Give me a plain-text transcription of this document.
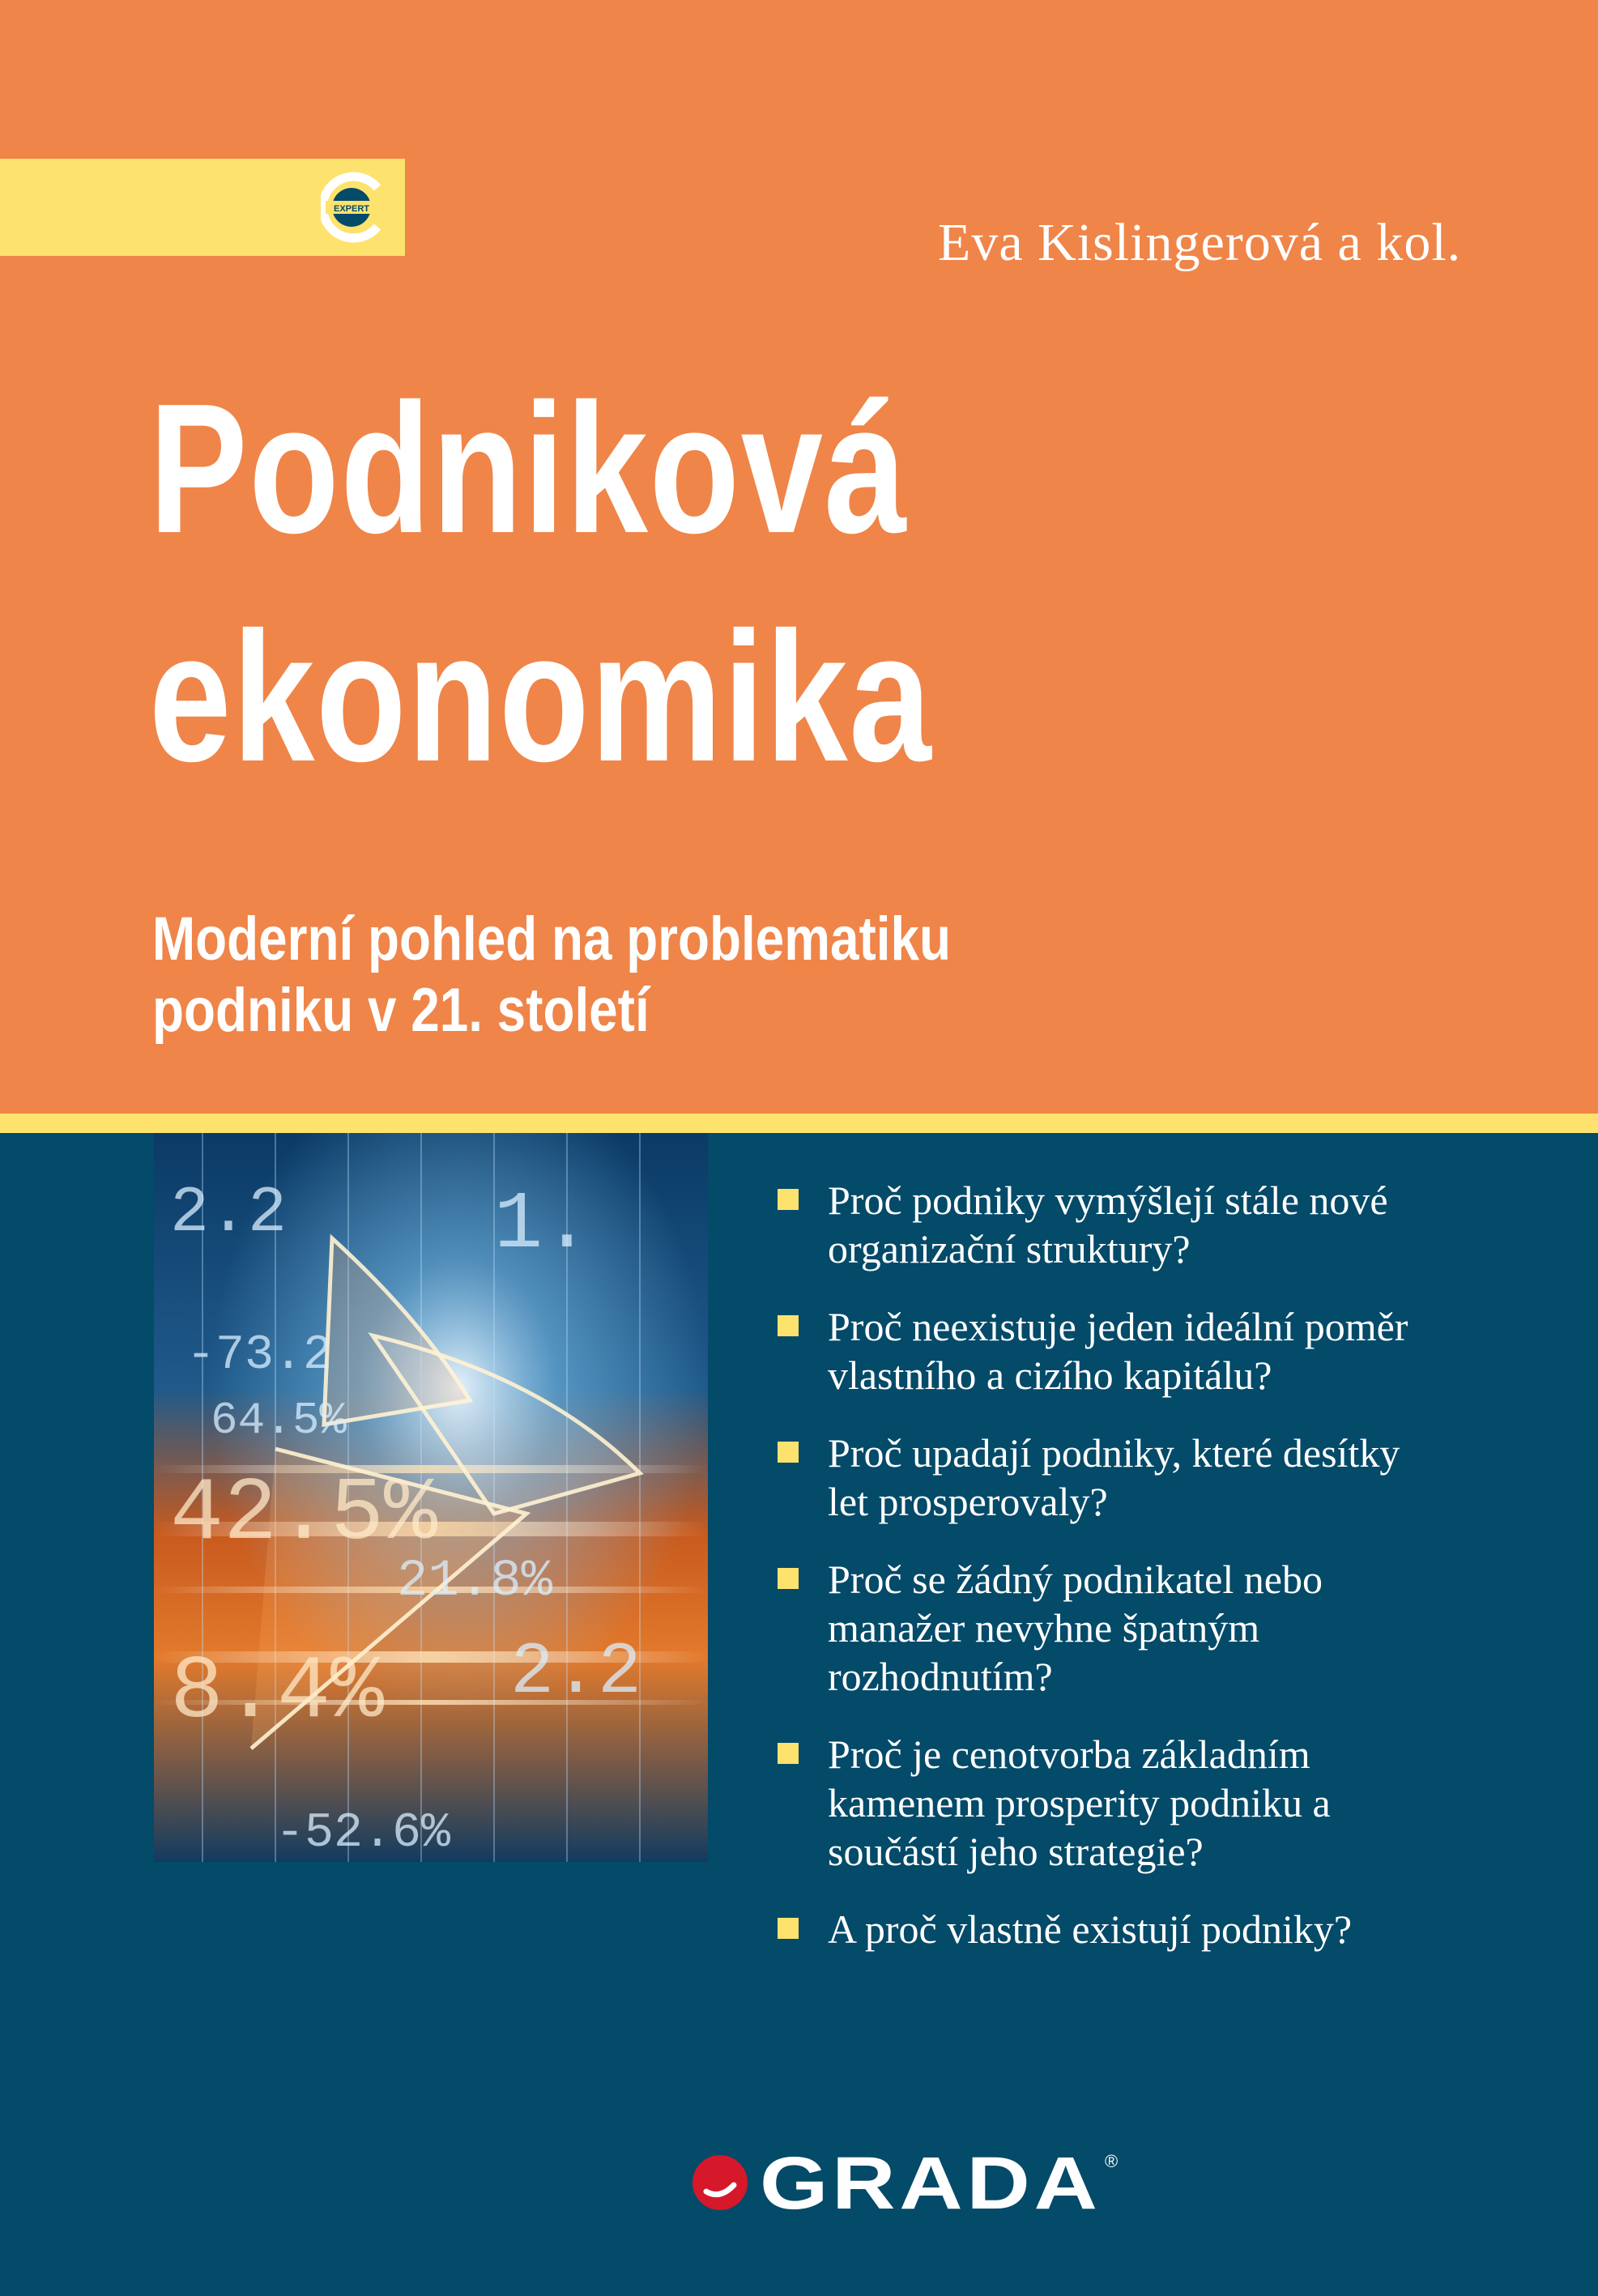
EXPERT
Eva Kislingerová a kol.
Podniková
ekonomika
Moderní pohled na problematiku
podniku v 21. století
2.2	1.
-73.2
64.5%
42.5%
21.8%
8.4% 2.2
-52.6%
Proč podniky vymýšlejí stále nové organizační struktury?
Proč neexistuje jeden ideální poměr vlastního a cizího kapitálu?
Proč upadají podniky, které desítky let prosperovaly?
Proč se žádný podnikatel nebo manažer nevyhne špatným rozhodnutím?
Proč je cenotvorba základním kamenem prosperity podniku a součástí jeho strategie?
A proč vlastně existují podniky?
GRADA ®
